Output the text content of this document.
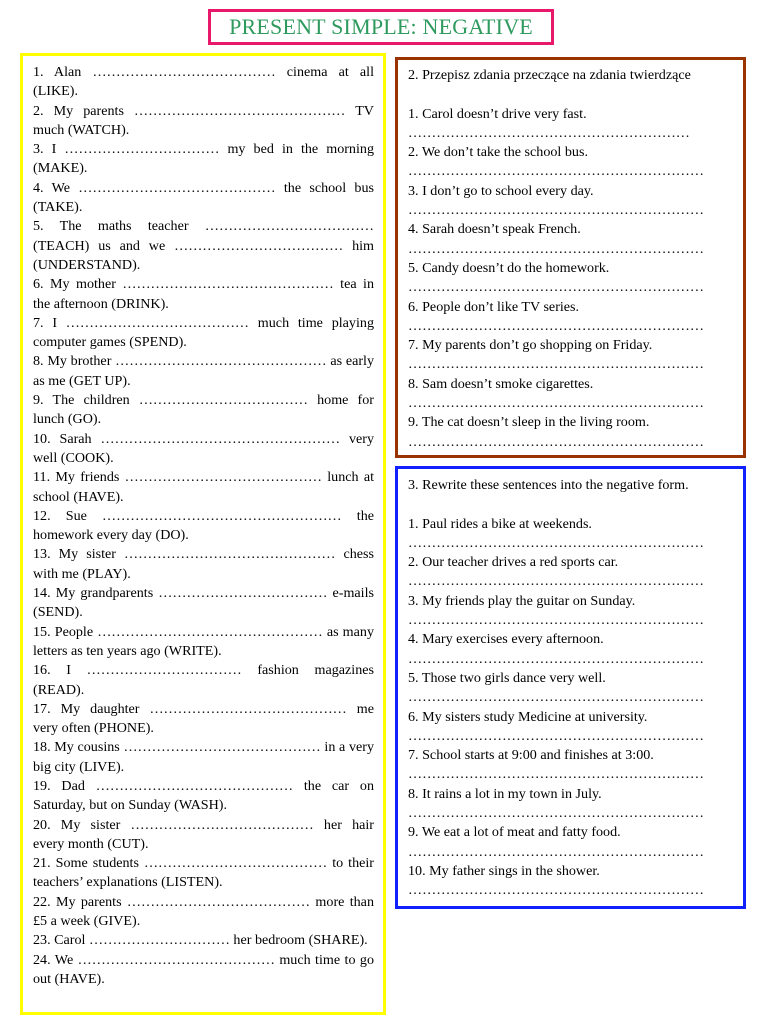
PRESENT SIMPLE: NEGATIVE
1. Alan ………………………………… cinema at all (LIKE).
2. My parents ……………………………………… TV much (WATCH).
3. I …………………………… my bed in the morning (MAKE).
4. We …………………………………… the school bus (TAKE).
5. The maths teacher ……………………………… (TEACH) us and we ……………………………… him (UNDERSTAND).
6. My mother ……………………………………… tea in the afternoon (DRINK).
7. I ………………………………… much time playing computer games (SPEND).
8. My brother ……………………………………… as early as me (GET UP).
9. The children ……………………………… home for lunch (GO).
10. Sarah …………………………………………… very well (COOK).
11. My friends …………………………………… lunch at school (HAVE).
12. Sue …………………………………………… the homework every day (DO).
13. My sister ……………………………………… chess with me (PLAY).
14. My grandparents ……………………………… e-mails (SEND).
15. People ………………………………………… as many letters as ten years ago (WRITE).
16. I …………………………… fashion magazines (READ).
17. My daughter …………………………………… me very often (PHONE).
18. My cousins …………………………………… in a very big city (LIVE).
19. Dad …………………………………… the car on Saturday, but on Sunday (WASH).
20. My sister ………………………………… her hair every month (CUT).
21. Some students ………………………………… to their teachers’ explanations (LISTEN).
22. My parents ………………………………… more than £5 a week (GIVE).
23. Carol ………………………… her bedroom (SHARE).
24. We …………………………………… much time to go out (HAVE).
2. Przepisz zdania przeczące na zdania twierdzące
1. Carol doesn’t drive very fast.
……………………………………………………
2. We don’t take the school bus.
………………………………………………………
3. I don’t go to school every day.
………………………………………………………
4. Sarah doesn’t speak French.
………………………………………………………
5. Candy doesn’t do the homework.
………………………………………………………
6. People don’t like TV series.
………………………………………………………
7. My parents don’t go shopping on Friday.
………………………………………………………
8. Sam doesn’t smoke cigarettes.
………………………………………………………
9. The cat doesn’t sleep in the living room.
………………………………………………………
3. Rewrite these sentences into the negative form.
1. Paul rides a bike at weekends.
………………………………………………………
2. Our teacher drives a red sports car.
………………………………………………………
3. My friends play the guitar on Sunday.
………………………………………………………
4. Mary exercises every afternoon.
………………………………………………………
5. Those two girls dance very well.
………………………………………………………
6. My sisters study Medicine at university.
………………………………………………………
7. School starts at 9:00 and finishes at 3:00.
………………………………………………………
8. It rains a lot in my town in July.
………………………………………………………
9. We eat a lot of meat and fatty food.
………………………………………………………
10. My father sings in the shower.
………………………………………………………
